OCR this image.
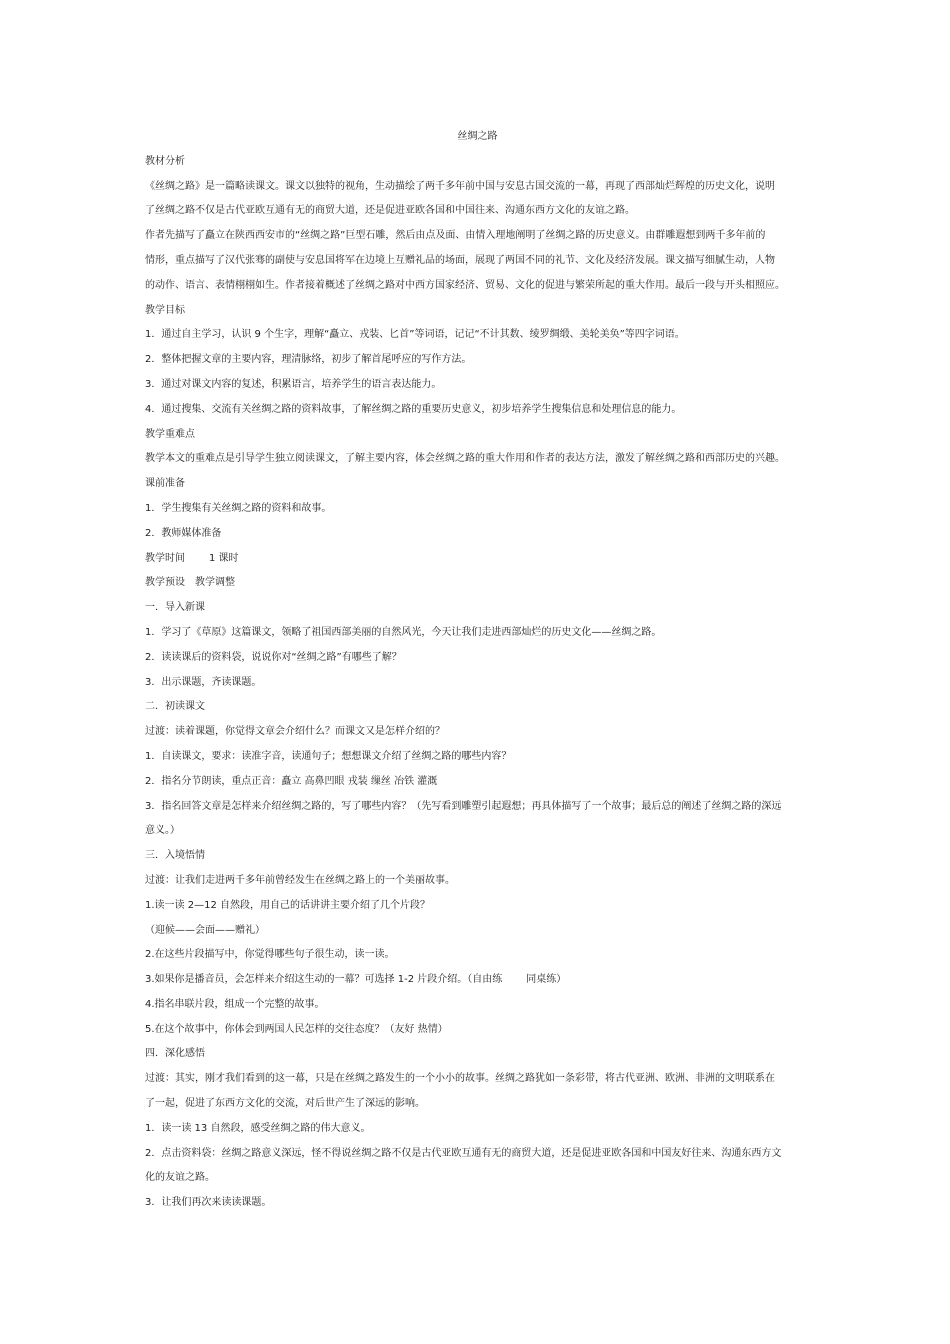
丝绸之路

教材分析

《丝绸之路》是一篇略读课文。课文以独特的视角，生动描绘了两千多年前中国与安息古国交流的一幕，再现了西部灿烂辉煌的历史文化，说明

了丝绸之路不仅是古代亚欧互通有无的商贸大道，还是促进亚欧各国和中国往来、沟通东西方文化的友谊之路。

作者先描写了矗立在陕西西安市的“丝绸之路”巨型石雕，然后由点及面、由情入理地阐明了丝绸之路的历史意义。由群雕遐想到两千多年前的

情形，重点描写了汉代张骞的副使与安息国将军在边境上互赠礼品的场面，展现了两国不同的礼节、文化及经济发展。课文描写细腻生动，人物

的动作、语言、表情栩栩如生。作者接着概述了丝绸之路对中西方国家经济、贸易、文化的促进与繁荣所起的重大作用。最后一段与开头相照应。

教学目标

1．通过自主学习，认识 9 个生字，理解“矗立、戎装、匕首”等词语，记记“不计其数、绫罗绸缎、美轮美奂”等四字词语。

2．整体把握文章的主要内容，理清脉络，初步了解首尾呼应的写作方法。

3．通过对课文内容的复述，积累语言，培养学生的语言表达能力。

4．通过搜集、交流有关丝绸之路的资料故事，了解丝绸之路的重要历史意义，初步培养学生搜集信息和处理信息的能力。

教学重难点

教学本文的重难点是引导学生独立阅读课文，了解主要内容，体会丝绸之路的重大作用和作者的表达方法，激发了解丝绸之路和西部历史的兴趣。

课前准备

1．学生搜集有关丝绸之路的资料和故事。

2．教师媒体准备

教学时间 1 课时

教学预设 教学调整

一．导入新课

1．学习了《草原》这篇课文，领略了祖国西部美丽的自然风光，今天让我们走进西部灿烂的历史文化——丝绸之路。

2．读读课后的资料袋，说说你对“丝绸之路”有哪些了解？

3．出示课题，齐读课题。

二．初读课文

过渡：读着课题，你觉得文章会介绍什么？而课文又是怎样介绍的？

1．自读课文，要求：读准字音，读通句子；想想课文介绍了丝绸之路的哪些内容？

2．指名分节朗读，重点正音：矗立 高鼻凹眼 戎装 缫丝 冶铁 灌溉

3．指名回答文章是怎样来介绍丝绸之路的，写了哪些内容？（先写看到雕塑引起遐想；再具体描写了一个故事；最后总的阐述了丝绸之路的深远

意义。）

三．入境悟情

过渡：让我们走进两千多年前曾经发生在丝绸之路上的一个美丽故事。

1.读一读 2—12 自然段，用自己的话讲讲主要介绍了几个片段？

（迎候——会面——赠礼）

2.在这些片段描写中，你觉得哪些句子很生动，读一读。

3.如果你是播音员，会怎样来介绍这生动的一幕？可选择 1-2 片段介绍。（自由练 同桌练）

4.指名串联片段，组成一个完整的故事。

5.在这个故事中，你体会到两国人民怎样的交往态度？（友好 热情）

四．深化感悟

过渡：其实，刚才我们看到的这一幕，只是在丝绸之路发生的一个小小的故事。丝绸之路犹如一条彩带，将古代亚洲、欧洲、非洲的文明联系在

了一起，促进了东西方文化的交流，对后世产生了深远的影响。

1．读一读 13 自然段，感受丝绸之路的伟大意义。

2．点击资料袋：丝绸之路意义深远，怪不得说丝绸之路不仅是古代亚欧互通有无的商贸大道，还是促进亚欧各国和中国友好往来、沟通东西方文

化的友谊之路。

3．让我们再次来读读课题。
